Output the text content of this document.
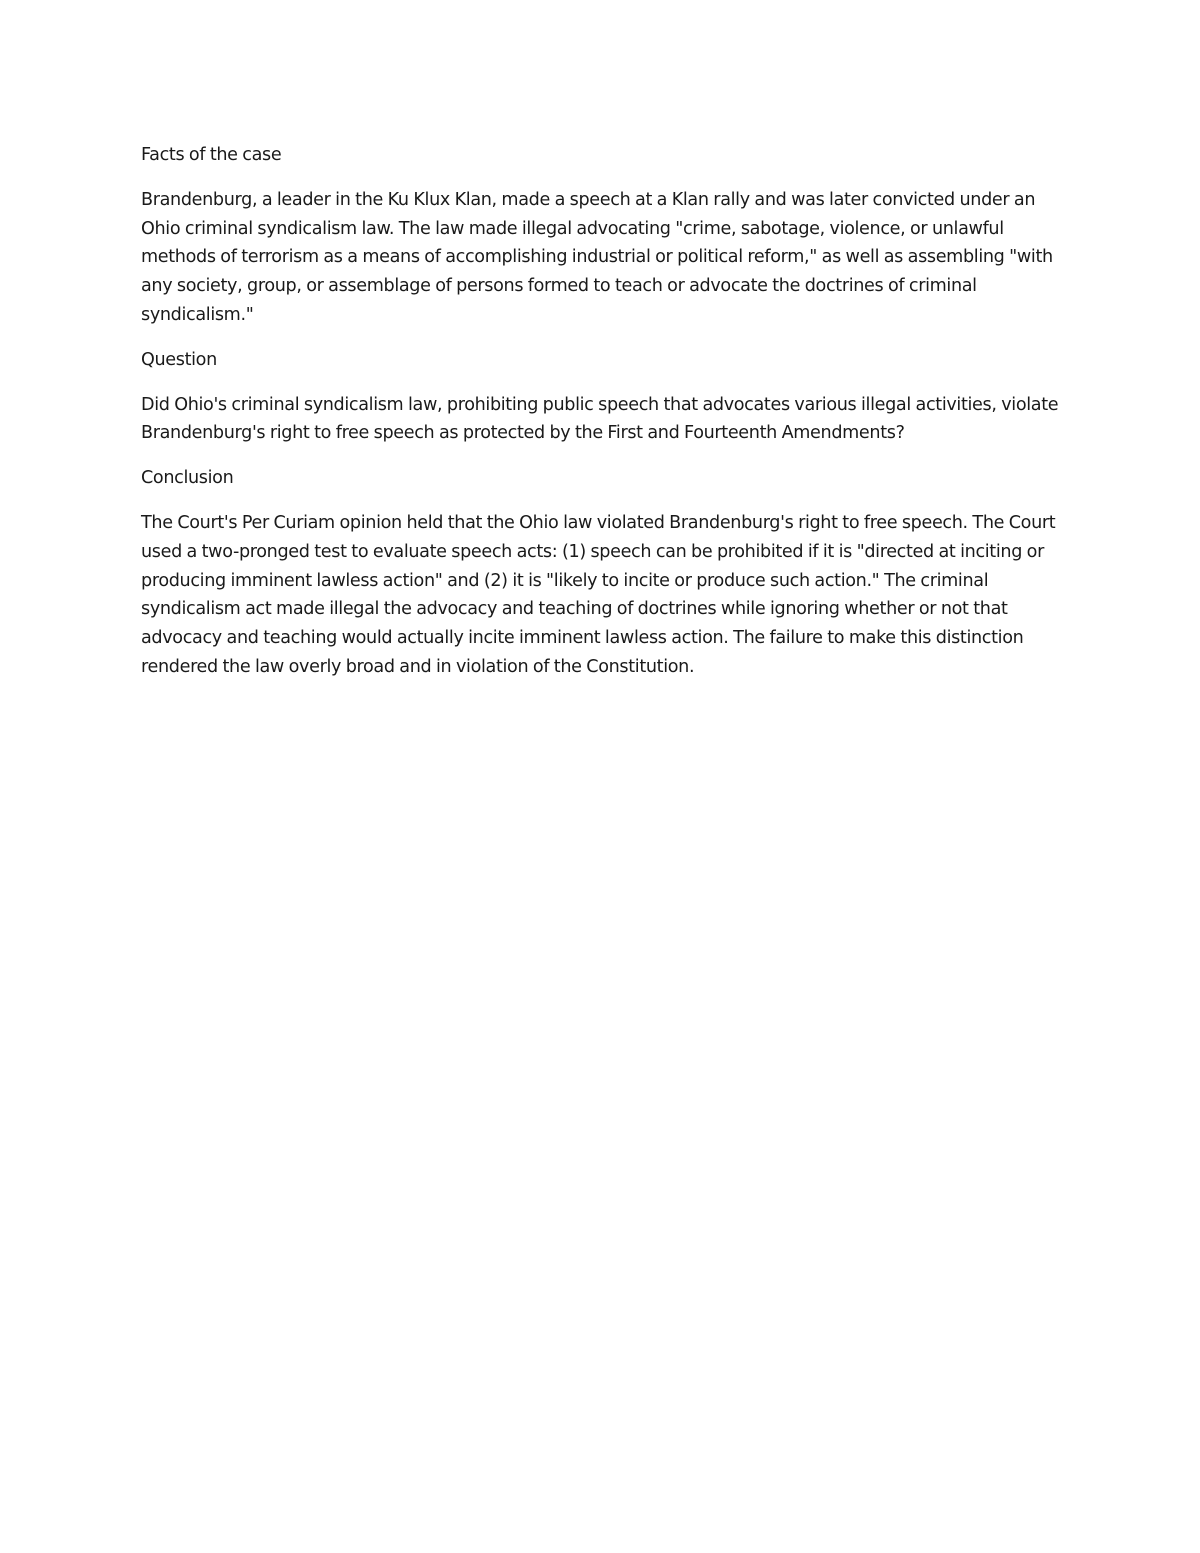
Facts of the case
Brandenburg, a leader in the Ku Klux Klan, made a speech at a Klan rally and was later convicted under an Ohio criminal syndicalism law. The law made illegal advocating "crime, sabotage, violence, or unlawful methods of terrorism as a means of accomplishing industrial or political reform," as well as assembling "with any society, group, or assemblage of persons formed to teach or advocate the doctrines of criminal syndicalism."
Question
Did Ohio's criminal syndicalism law, prohibiting public speech that advocates various illegal activities, violate Brandenburg's right to free speech as protected by the First and Fourteenth Amendments?
Conclusion
The Court's Per Curiam opinion held that the Ohio law violated Brandenburg's right to free speech. The Court used a two-pronged test to evaluate speech acts: (1) speech can be prohibited if it is "directed at inciting or producing imminent lawless action" and (2) it is "likely to incite or produce such action." The criminal syndicalism act made illegal the advocacy and teaching of doctrines while ignoring whether or not that advocacy and teaching would actually incite imminent lawless action. The failure to make this distinction rendered the law overly broad and in violation of the Constitution.
